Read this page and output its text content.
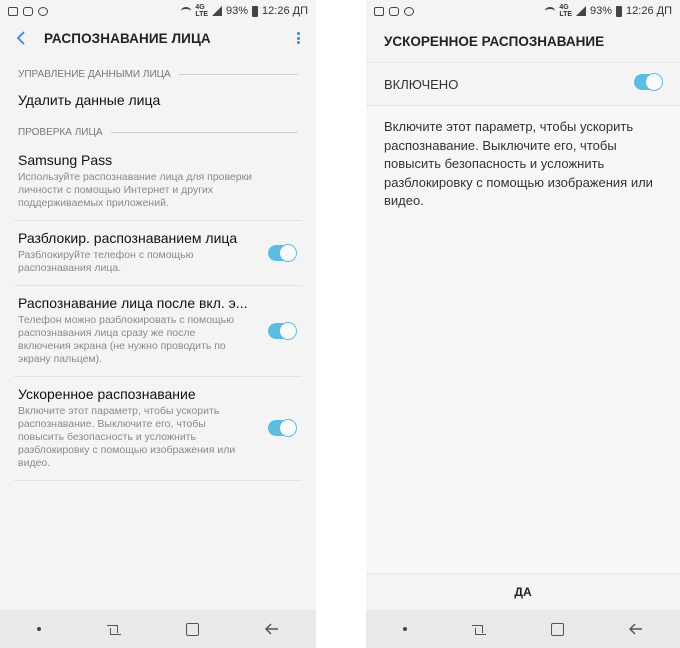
4G
LTE 93% 12:26 ДП
РАСПОЗНАВАНИЕ ЛИЦА
УПРАВЛЕНИЕ ДАННЫМИ ЛИЦА
Удалить данные лица
ПРОВЕРКА ЛИЦА
Samsung Pass
Используйте распознавание лица для проверки личности с помощью Интернет и других поддерживаемых приложений.
Разблокир. распознаванием лица
Разблокируйте телефон с помощью распознавания лица.
Распознавание лица после вкл. э...
Телефон можно разблокировать с помощью распознавания лица сразу же после включения экрана (не нужно проводить по экрану пальцем).
Ускоренное распознавание
Включите этот параметр, чтобы ускорить распознавание. Выключите его, чтобы повысить безопасность и усложнить разблокировку с помощью изображения или видео.
4G
LTE 93% 12:26 ДП
УСКОРЕННОЕ РАСПОЗНАВАНИЕ
ВКЛЮЧЕНО
Включите этот параметр, чтобы ускорить распознавание. Выключите его, чтобы повысить безопасность и усложнить разблокировку с помощью изображения или видео.
ДА
